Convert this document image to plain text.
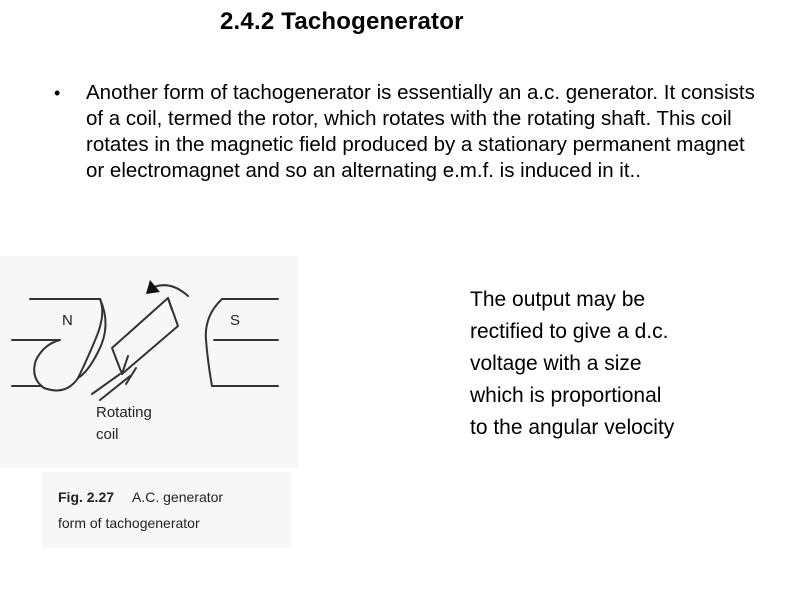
2.4.2 Tachogenerator
• Another form of tachogenerator is essentially an a.c. generator. It consists of a coil, termed the rotor, which rotates with the rotating shaft. This coil rotates in the magnetic field produced by a stationary permanent magnet or electromagnet and so an alternating e.m.f. is induced in it..
N	S
Rotating
coil
Fig. 2.27 A.C. generator
form of tachogenerator
The output may be
rectified to give a d.c.
voltage with a size
which is proportional
to the angular velocity
